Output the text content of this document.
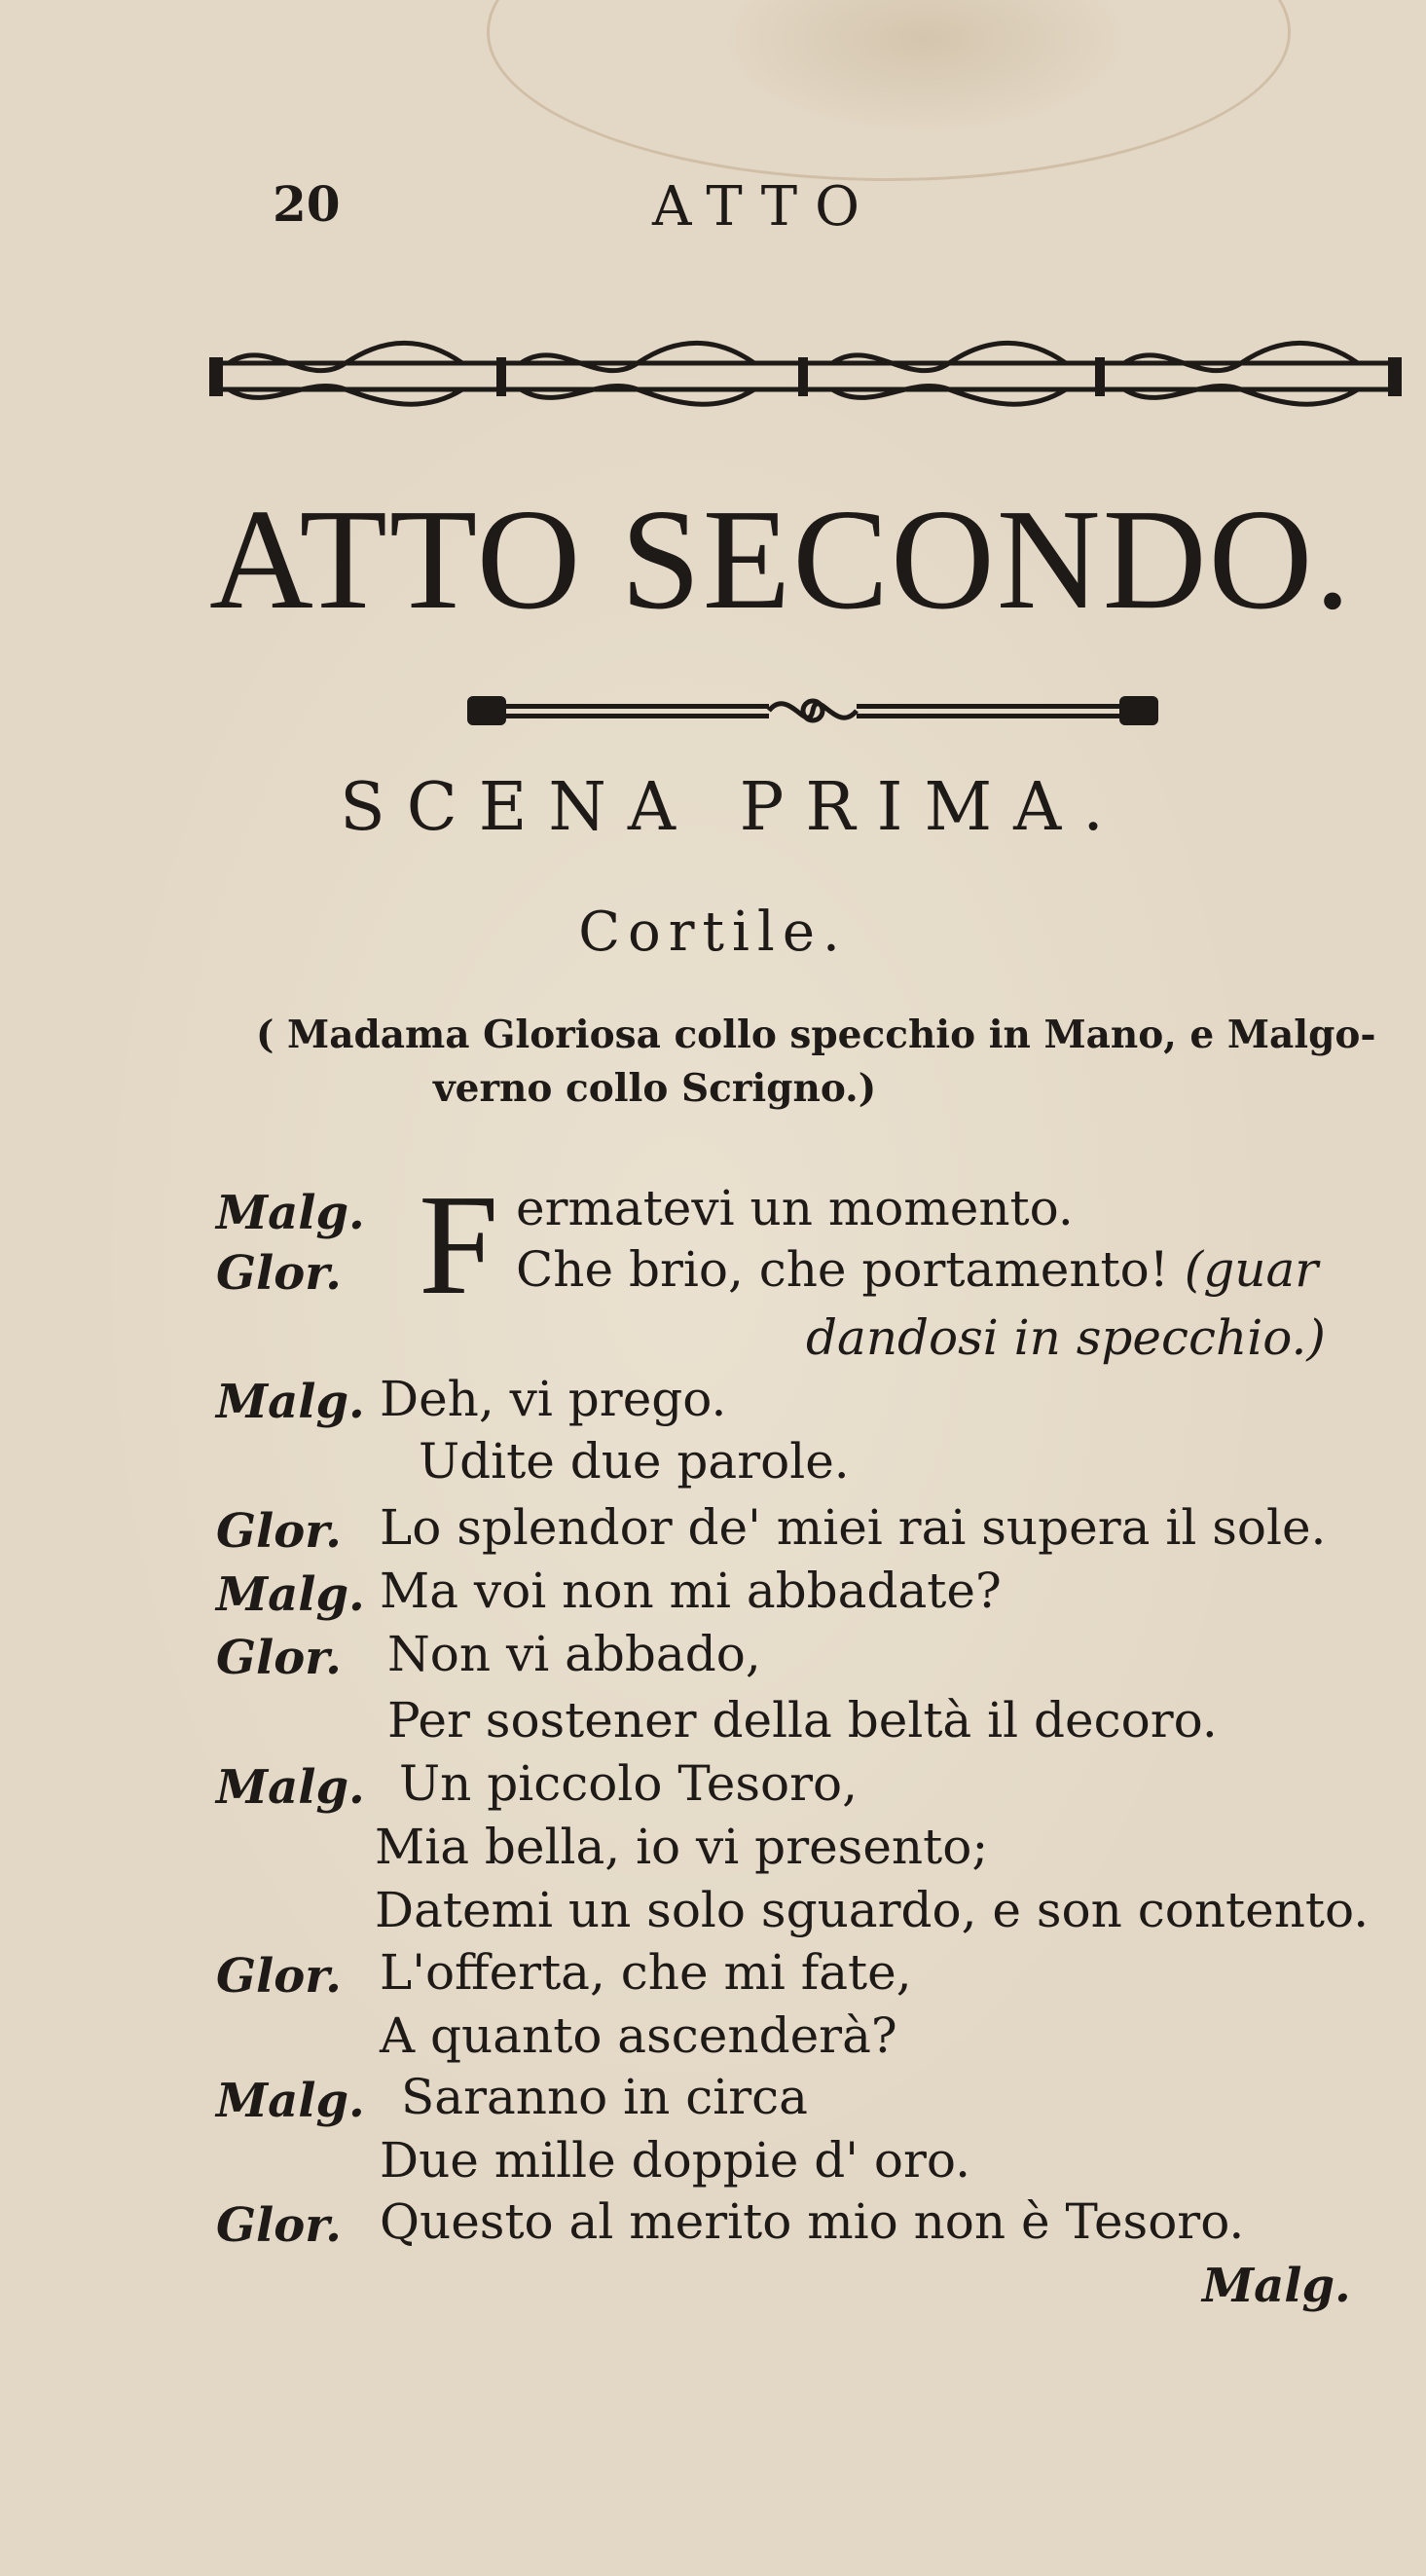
20	ATTO
ATTO SECONDO.
SCENA PRIMA.
Cortile.
( Madama Gloriosa collo specchio in Mano, e Malgo-
verno collo Scrigno.)
F
Malg.	ermatevi un momento.
Glor.	Che brio, che portamento! (guar
dandosi in specchio.)
Malg. Deh, vi prego.
Udite due parole.
Glor. Lo splendor de' miei rai supera il sole.
Malg. Ma voi non mi abbadate?
Glor. Non vi abbado,
Per sostener della beltà il decoro.
Malg. Un piccolo Tesoro,
Mia bella, io vi presento;
Datemi un solo sguardo, e son contento.
Glor. L'offerta, che mi fate,
A quanto ascenderà?
Malg. Saranno in circa
Due mille doppie d' oro.
Glor. Questo al merito mio non è Tesoro.
Malg.
